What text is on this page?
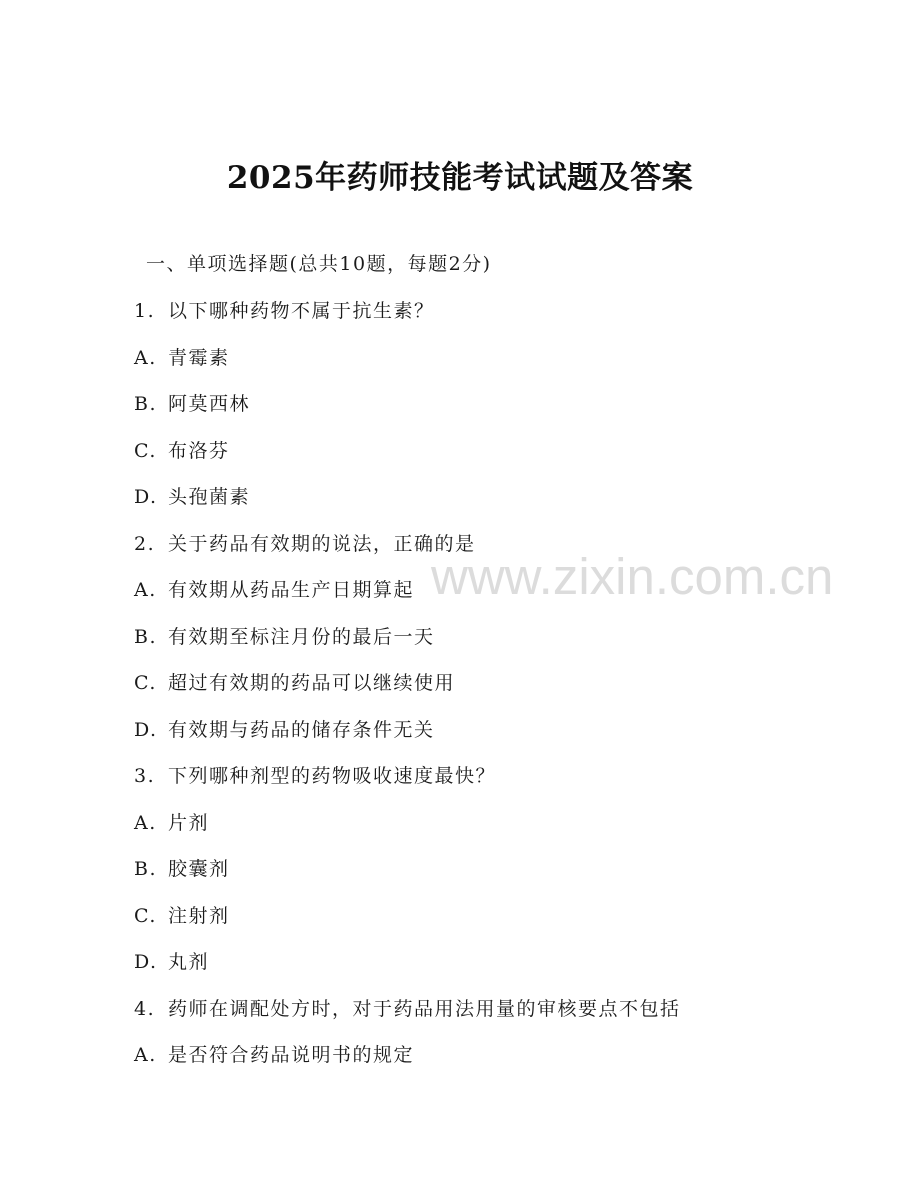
2025年药师技能考试试题及答案
一、单项选择题(总共10题，每题2分)
1. 以下哪种药物不属于抗生素？
A. 青霉素
B. 阿莫西林
C. 布洛芬
D. 头孢菌素
2. 关于药品有效期的说法，正确的是
A. 有效期从药品生产日期算起
B. 有效期至标注月份的最后一天
C. 超过有效期的药品可以继续使用
D. 有效期与药品的储存条件无关
3. 下列哪种剂型的药物吸收速度最快？
A. 片剂
B. 胶囊剂
C. 注射剂
D. 丸剂
4. 药师在调配处方时，对于药品用法用量的审核要点不包括
A. 是否符合药品说明书的规定
www.zixin.com.cn
